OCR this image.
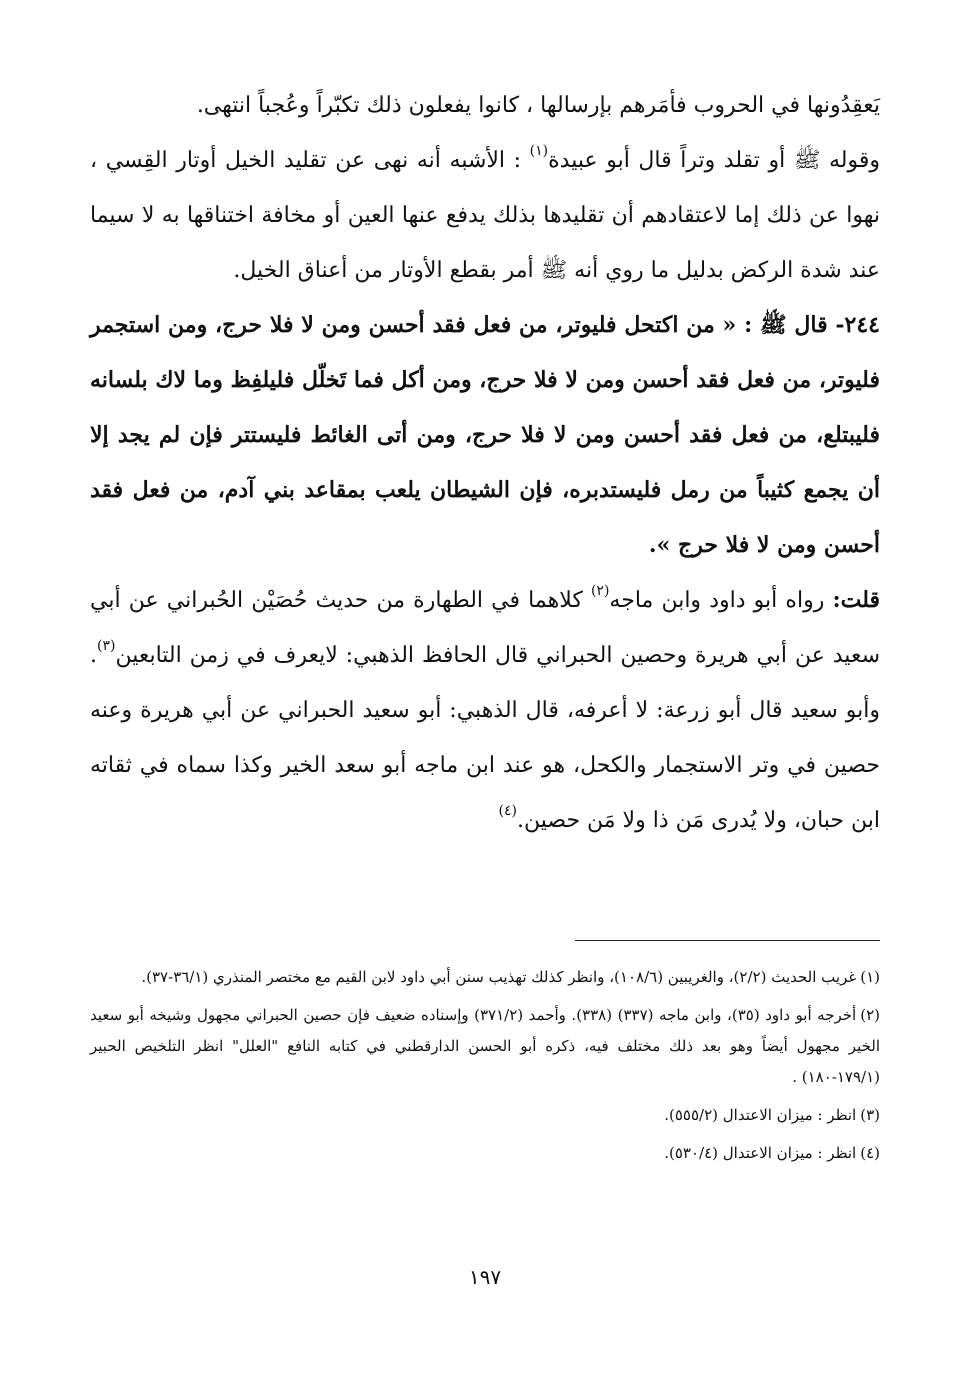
يَعقِدُونها في الحروب فأمَرهم بإرسالها ، كانوا يفعلون ذلك تكبّراً وعُجباً انتهى.

وقوله ﷺ أو تقلد وتراً قال أبو عبيدة$^{(١)}$ : الأشبه أنه نهى عن تقليد الخيل أوتار القِسي ، نهوا عن ذلك إما لاعتقادهم أن تقليدها بذلك يدفع عنها العين أو مخافة اختناقها به لا سيما عند شدة الركض بدليل ما روي أنه ﷺ أمر بقطع الأوتار من أعناق الخيل.

٢٤٤- قال ﷺ : « من اكتحل فليوتر، من فعل فقد أحسن ومن لا فلا حرج، ومن استجمر فليوتر، من فعل فقد أحسن ومن لا فلا حرج، ومن أكل فما تَخلّل فليلفِظ وما لاك بلسانه فليبتلع، من فعل فقد أحسن ومن لا فلا حرج، ومن أتى الغائط فليستتر فإن لم يجد إلا أن يجمع كثيباً من رمل فليستدبره، فإن الشيطان يلعب بمقاعد بني آدم، من فعل فقد أحسن ومن لا فلا حرج ».

قلت: رواه أبو داود وابن ماجه$^{(٢)}$ كلاهما في الطهارة من حديث حُصَيْن الحُبراني عن أبي سعيد عن أبي هريرة وحصين الحبراني قال الحافظ الذهبي: لايعرف في زمن التابعين$^{(٣)}$. وأبو سعيد قال أبو زرعة: لا أعرفه، قال الذهبي: أبو سعيد الحبراني عن أبي هريرة وعنه حصين في وتر الاستجمار والكحل، هو عند ابن ماجه أبو سعد الخير وكذا سماه في ثقاته ابن حبان، ولا يُدرى مَن ذا ولا مَن حصين.$^{(٤)}$

(١)غريب الحديث (٢/٢)، والغريبين (١٠٨/٦)، وانظر كذلك تهذيب سنن أبي داود لابن القيم مع مختصر المنذري (٣٦/١-٣٧).

(٢)أخرجه أبو داود (٣٥)، وابن ماجه (٣٣٧) (٣٣٨). وأحمد (٣٧١/٢) وإسناده ضعيف فإن حصين الحبراني مجهول وشيخه أبو سعيد الخير مجهول أيضاً وهو بعد ذلك مختلف فيه، ذكره أبو الحسن الدارقطني في كتابه النافع "العلل" انظر التلخيص الحبير (١٧٩/١-١٨٠) .

(٣)انظر : ميزان الاعتدال (٥٥٥/٢).

(٤)انظر : ميزان الاعتدال (٥٣٠/٤).

١٩٧
